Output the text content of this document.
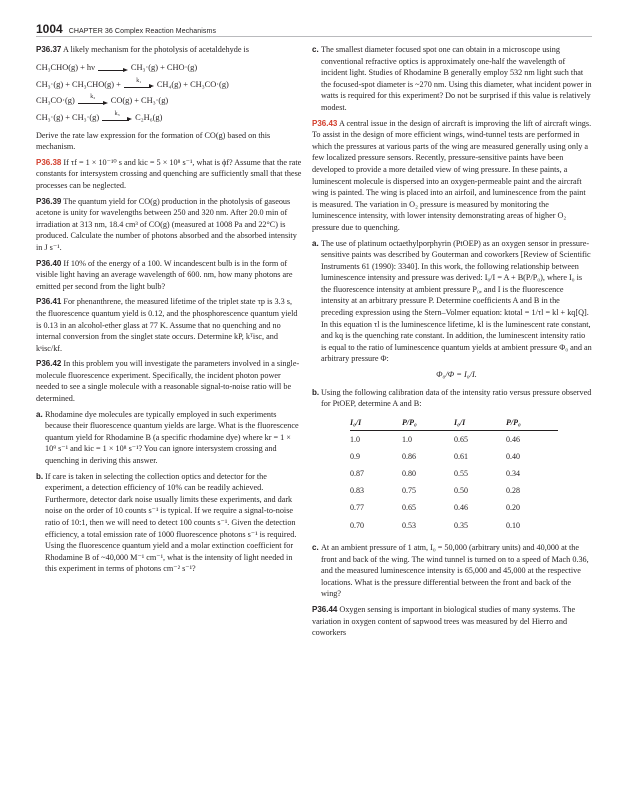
1004 CHAPTER 36 Complex Reaction Mechanisms

P36.37 A likely mechanism for the photolysis of acetaldehyde is

CH₃CHO(g) + hν	CH₃·(g) + CHO·(g)
CH₃·(g) + CH₃CHO(g) +	k₁ CH₄(g) + CH₃CO·(g)
CH₃CO·(g)	k₂ CO(g) + CH₃·(g)
CH₃·(g) + CH₃·(g)	k₃ C₂H₆(g)

Derive the rate law expression for the formation of CO(g) based on this mechanism.

P36.38 If τf = 1 × 10⁻¹⁰ s and kic = 5 × 10⁸ s⁻¹, what is ϕf? Assume that the rate constants for intersystem crossing and quenching are sufficiently small that these processes can be neglected.

P36.39 The quantum yield for CO(g) production in the photolysis of gaseous acetone is unity for wavelengths between 250 and 320 nm. After 20.0 min of irradiation at 313 nm, 18.4 cm³ of CO(g) (measured at 1008 Pa and 22°C) is produced. Calculate the number of photons absorbed and the absorbed intensity in J s⁻¹.

P36.40 If 10% of the energy of a 100. W incandescent bulb is in the form of visible light having an average wavelength of 600. nm, how many photons are emitted per second from the light bulb?

P36.41 For phenanthrene, the measured lifetime of the triplet state τp is 3.3 s, the fluorescence quantum yield is 0.12, and the phosphorescence quantum yield is 0.13 in an alcohol-ether glass at 77 K. Assume that no quenching and no internal conversion from the singlet state occurs. Determine kP, kᵀisc, and kˢisc/kf.

P36.42 In this problem you will investigate the parameters involved in a single-molecule fluorescence experiment. Specifically, the incident photon power needed to see a single molecule with a reasonable signal-to-noise ratio will be determined.

a. Rhodamine dye molecules are typically employed in such experiments because their fluorescence quantum yields are large. What is the fluorescence quantum yield for Rhodamine B (a specific rhodamine dye) where kr = 1 × 10⁹ s⁻¹ and kic = 1 × 10⁸ s⁻¹? You can ignore intersystem crossing and quenching in deriving this answer.
b. If care is taken in selecting the collection optics and detector for the experiment, a detection efficiency of 10% can be readily achieved. Furthermore, detector dark noise usually limits these experiments, and dark noise on the order of 10 counts s⁻¹ is typical. If we require a signal-to-noise ratio of 10:1, then we will need to detect 100 counts s⁻¹. Given the detection efficiency, a total emission rate of 1000 fluorescence photons s⁻¹ is required. Using the fluorescence quantum yield and a molar extinction coefficient for Rhodamine B of ~40,000 M⁻¹ cm⁻¹, what is the intensity of light needed in this experiment in terms of photons cm⁻² s⁻¹?
c. The smallest diameter focused spot one can obtain in a microscope using conventional refractive optics is approximately one-half the wavelength of incident light. Studies of Rhodamine B generally employ 532 nm light such that the focused-spot diameter is ~270 nm. Using this diameter, what incident power in watts is required for this experiment? Do not be surprised if this value is relatively modest.

P36.43 A central issue in the design of aircraft is improving the lift of aircraft wings. To assist in the design of more efficient wings, wind-tunnel tests are performed in which the pressures at various parts of the wing are measured generally using only a few localized pressure sensors. Recently, pressure-sensitive paints have been developed to provide a more detailed view of wing pressure. In these paints, a luminescent molecule is dispersed into an oxygen-permeable paint and the aircraft wing is painted. The wing is placed into an airfoil, and luminescence from the paint is measured. The variation in O₂ pressure is measured by monitoring the luminescence intensity, with lower intensity demonstrating areas of higher O₂ pressure due to quenching.

a. The use of platinum octaethylporphyrin (PtOEP) as an oxygen sensor in pressure-sensitive paints was described by Gouterman and coworkers [Review of Scientific Instruments 61 (1990): 3340]. In this work, the following relationship between luminescence intensity and pressure was derived: I₀/I = A + B(P/P₀), where I₀ is the fluorescence intensity at ambient pressure P₀, and I is the fluorescence intensity at an arbitrary pressure P. Determine coefficients A and B in the preceding expression using the Stern–Volmer equation: ktotal = 1/τl = kl + kq[Q]. In this equation τl is the luminescence lifetime, kl is the luminescent rate constant, and kq is the quenching rate constant. In addition, the luminescent intensity ratio is equal to the ratio of luminescence quantum yields at ambient pressure Φ₀ and an arbitrary pressure Φ:
Φ₀/Φ = I₀/I.
b. Using the following calibration data of the intensity ratio versus pressure observed for PtOEP, determine A and B:
I₀/I	P/P₀	I₀/I	P/P₀
1.0	1.0	0.65	0.46
0.9	0.86	0.61	0.40
0.87	0.80	0.55	0.34
0.83	0.75	0.50	0.28
0.77	0.65	0.46	0.20
0.70	0.53	0.35	0.10
c. At an ambient pressure of 1 atm, I₀ = 50,000 (arbitrary units) and 40,000 at the front and back of the wing. The wind tunnel is turned on to a speed of Mach 0.36, and the measured luminescence intensity is 65,000 and 45,000 at the respective locations. What is the pressure differential between the front and back of the wing?

P36.44 Oxygen sensing is important in biological studies of many systems. The variation in oxygen content of sapwood trees was measured by del Hierro and coworkers
